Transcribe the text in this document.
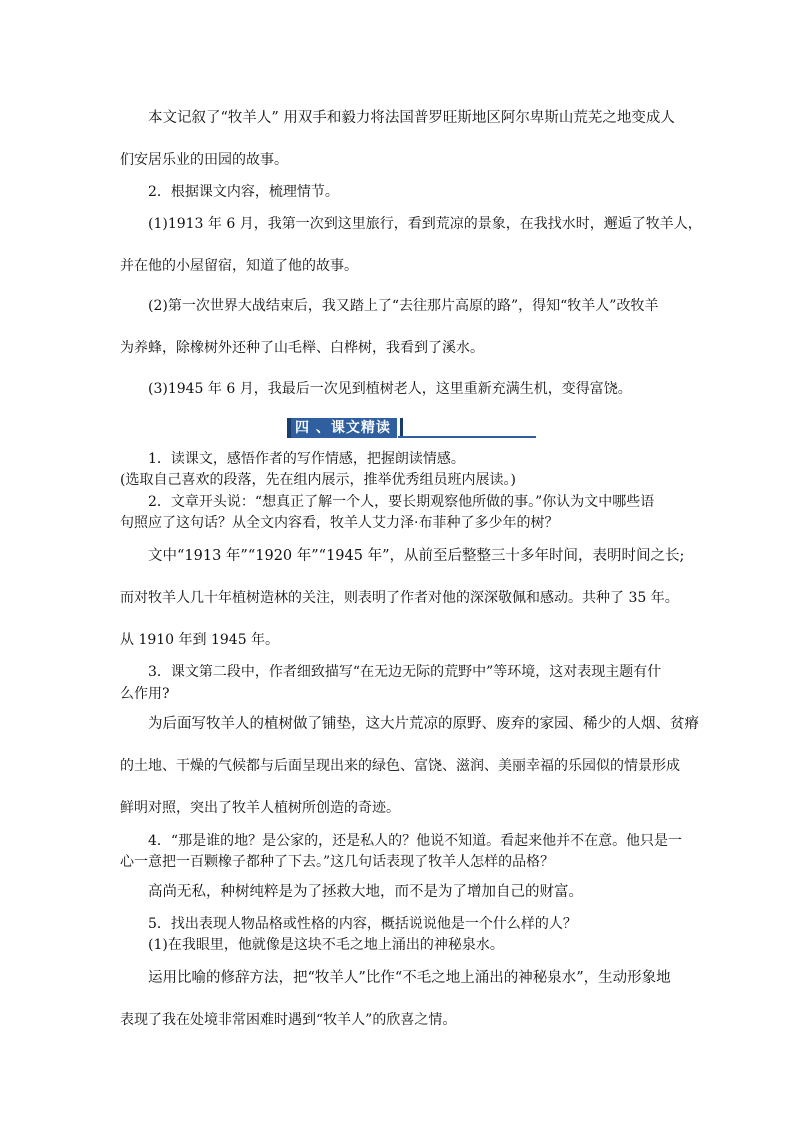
本文记叙了“牧羊人” 用双手和毅力将法国普罗旺斯地区阿尔卑斯山荒芜之地变成人
们安居乐业的田园的故事。
2．根据课文内容，梳理情节。
(1)1913 年 6 月，我第一次到这里旅行，看到荒凉的景象，在我找水时，邂逅了牧羊人，
并在他的小屋留宿，知道了他的故事。
(2)第一次世界大战结束后，我又踏上了“去往那片高原的路”，得知“牧羊人”改牧羊
为养蜂，除橡树外还种了山毛榉、白桦树，我看到了溪水。
(3)1945 年 6 月，我最后一次见到植树老人，这里重新充满生机，变得富饶。
四 、课文精读
1．读课文，感悟作者的写作情感，把握朗读情感。
(选取自己喜欢的段落，先在组内展示，推举优秀组员班内展读。)
2．文章开头说：“想真正了解一个人，要长期观察他所做的事。”你认为文中哪些语
句照应了这句话？从全文内容看，牧羊人艾力泽·布菲种了多少年的树？
文中“1913 年”“1920 年”“1945 年”，从前至后整整三十多年时间，表明时间之长;
而对牧羊人几十年植树造林的关注，则表明了作者对他的深深敬佩和感动。共种了 35 年。
从 1910 年到 1945 年。
3．课文第二段中，作者细致描写“在无边无际的荒野中”等环境，这对表现主题有什
么作用?
为后面写牧羊人的植树做了铺垫，这大片荒凉的原野、废弃的家园、稀少的人烟、贫瘠
的土地、干燥的气候都与后面呈现出来的绿色、富饶、滋润、美丽幸福的乐园似的情景形成
鲜明对照，突出了牧羊人植树所创造的奇迹。
4．“那是谁的地？是公家的，还是私人的？他说不知道。看起来他并不在意。他只是一
心一意把一百颗橡子都种了下去。”这几句话表现了牧羊人怎样的品格？
高尚无私，种树纯粹是为了拯救大地，而不是为了增加自己的财富。
5．找出表现人物品格或性格的内容，概括说说他是一个什么样的人？
(1)在我眼里，他就像是这块不毛之地上涌出的神秘泉水。
运用比喻的修辞方法，把“牧羊人”比作“不毛之地上涌出的神秘泉水”，生动形象地
表现了我在处境非常困难时遇到“牧羊人”的欣喜之情。
